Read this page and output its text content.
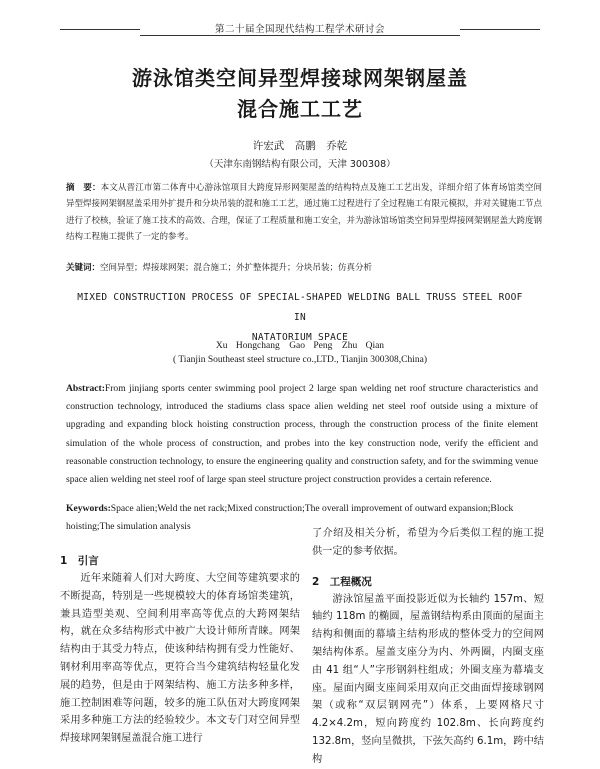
第二十届全国现代结构工程学术研讨会
游泳馆类空间异型焊接球网架钢屋盖
混合施工工艺
许宏武　高鹏　乔乾
（天津东南钢结构有限公司，天津 300308）
摘　要：本文从晋江市第二体育中心游泳馆项目大跨度异形网架屋盖的结构特点及施工工艺出发，详细介绍了体育场馆类空间异型焊接网架钢屋盖采用外扩提升和分块吊装的混和施工工艺，通过施工过程进行了全过程施工有限元模拟，并对关键施工节点进行了校核，验证了施工技术的高效、合理，保证了工程质量和施工安全，并为游泳馆场馆类空间异型焊接网架钢屋盖大跨度钢结构工程施工提供了一定的参考。
关键词：空间异型；焊接球网架；混合施工；外扩整体提升；分块吊装；仿真分析
MIXED CONSTRUCTION PROCESS OF SPECIAL-SHAPED WELDING BALL TRUSS STEEL ROOF IN
NATATORIUM SPACE
Xu Hongchang　Gao Peng　Zhu Qian
( Tianjin Southeast steel structure co.,LTD., Tianjin 300308,China)
Abstract:From jinjiang sports center swimming pool project 2 large span welding net roof structure characteristics and construction technology, introduced the stadiums class space alien welding net steel roof outside using a mixture of upgrading and expanding block hoisting construction process, through the construction process of the finite element simulation of the whole process of construction, and probes into the key construction node, verify the efficient and reasonable construction technology, to ensure the engineering quality and construction safety, and for the swimming venue space alien welding net steel roof of large span steel structure project construction provides a certain reference.
Keywords:Space alien;Weld the net rack;Mixed construction;The overall improvement of outward expansion;Block hoisting;The simulation analysis
1　引言
近年来随着人们对大跨度、大空间等建筑要求的不断提高，特别是一些规模较大的体育场馆类建筑，兼具造型美观、空间利用率高等优点的大跨网架结构，就在众多结构形式中被广大设计师所青睐。网架结构由于其受力特点，使该种结构拥有受力性能好、钢材利用率高等优点，更符合当今建筑结构轻量化发展的趋势，但是由于网架结构、施工方法多种多样，施工控制困难等问题，较多的施工队伍对大跨度网架采用多种施工方法的经验较少。本文专门对空间异型焊接球网架钢屋盖混合施工进行
了介绍及相关分析，希望为今后类似工程的施工提供一定的参考依据。
2　工程概况
游泳馆屋盖平面投影近似为长轴约 157m、短轴约 118m 的椭圆，屋盖钢结构系由顶面的屋面主结构和侧面的幕墙主结构形成的整体受力的空间网架结构体系。屋盖支座分为内、外两圈，内圈支座由 41 组“人”字形钢斜柱组成；外圈支座为幕墙支座。屋面内圈支座间采用双向正交曲面焊接球钢网架（或称“双层钢网壳”）体系，上要网格尺寸 4.2×4.2m，短向跨度约 102.8m、长向跨度约 132.8m，竖向呈微拱，下弦矢高约 6.1m，跨中结构
